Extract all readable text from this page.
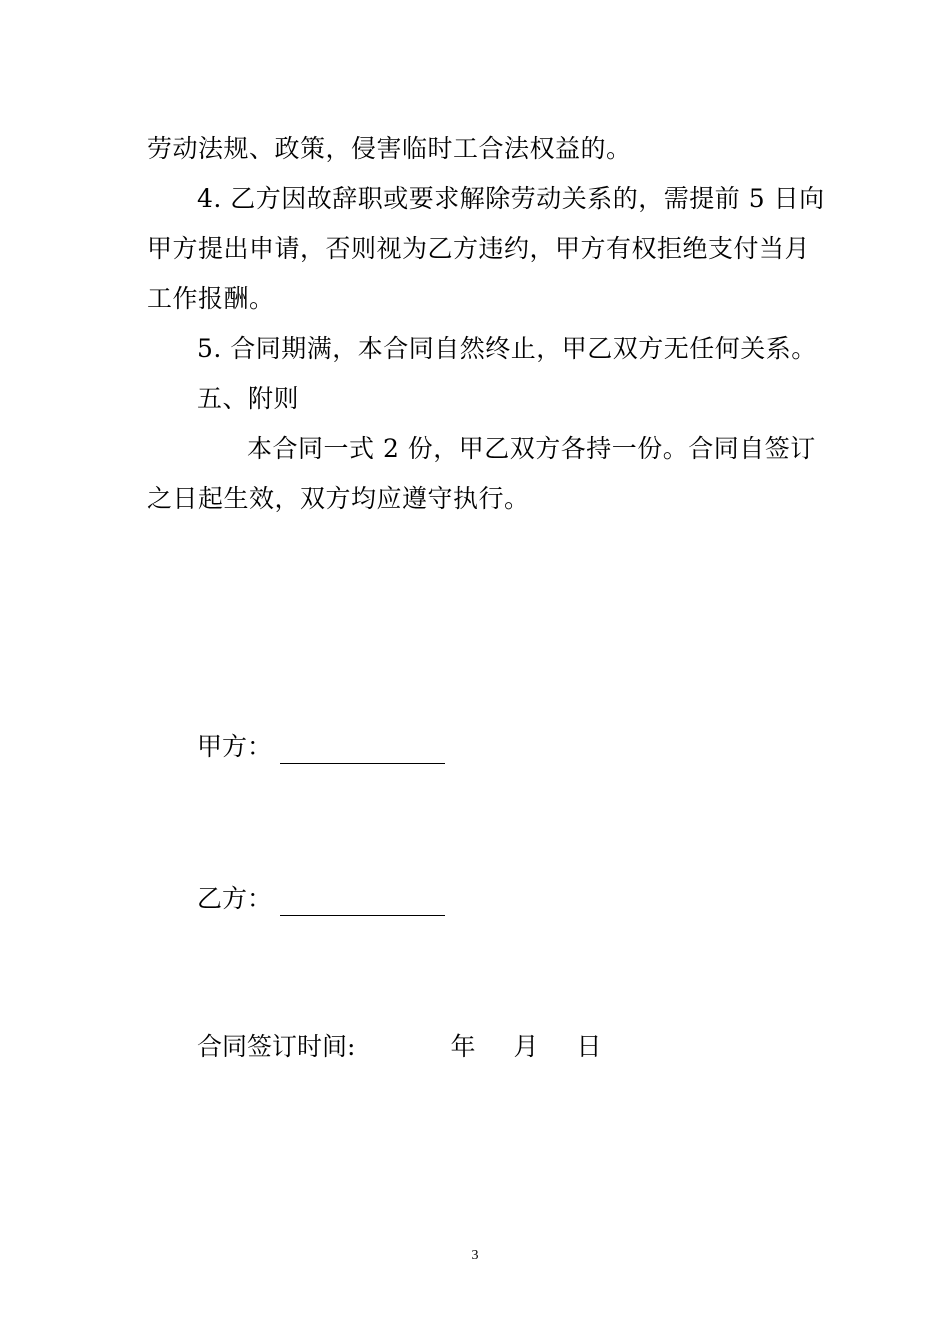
劳动法规、政策，侵害临时工合法权益的。
4. 乙方因故辞职或要求解除劳动关系的，需提前 5 日向
甲方提出申请，否则视为乙方违约，甲方有权拒绝支付当月
工作报酬。
5. 合同期满，本合同自然终止，甲乙双方无任何关系。
五、附则
本合同一式 2 份，甲乙双方各持一份。合同自签订
之日起生效，双方均应遵守执行。
甲方：
乙方：
合同签订时间:	年 月 日
3
